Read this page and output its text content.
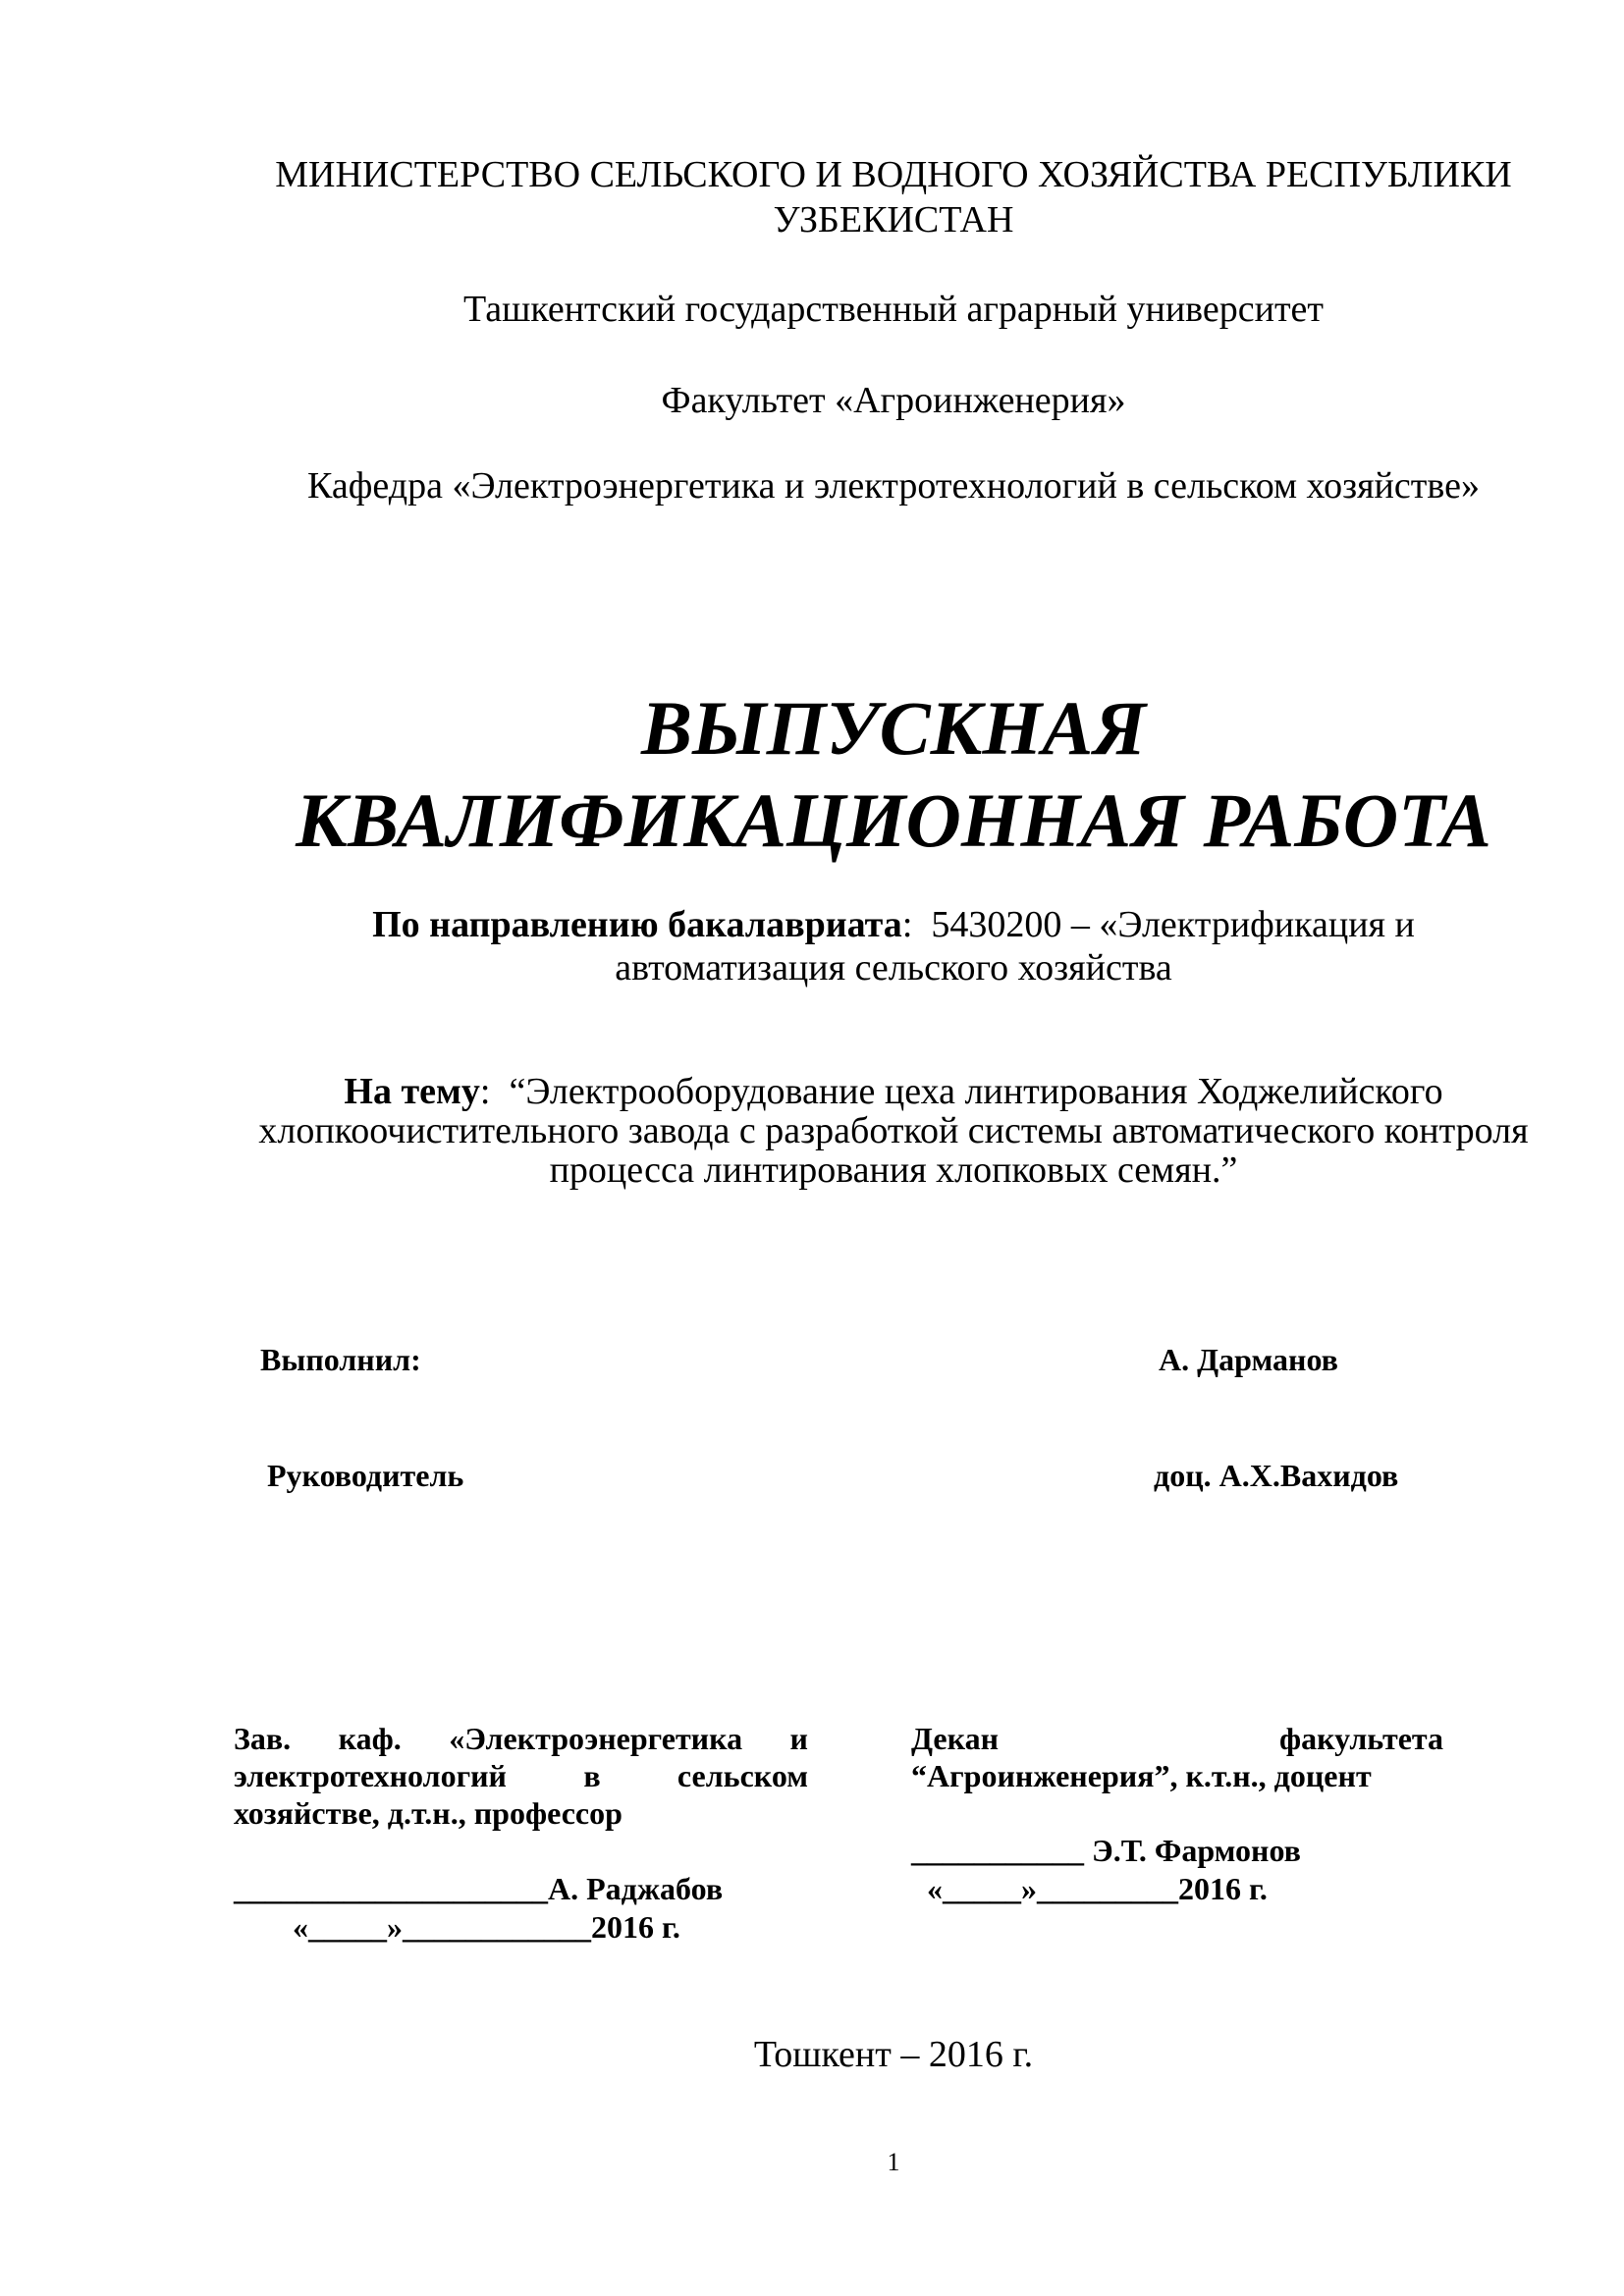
МИНИСТЕРСТВО СЕЛЬСКОГО И ВОДНОГО ХОЗЯЙСТВА РЕСПУБЛИКИ
УЗБЕКИСТАН
Ташкентский государственный аграрный университет
Факультет «Агроинженерия»
Кафедра «Электроэнергетика и электротехнологий в сельском хозяйстве»
ВЫПУСКНАЯ
КВАЛИФИКАЦИОННАЯ РАБОТА
По направлению бакалавриата:  5430200 – «Электрификация и
автоматизация сельского хозяйства
На тему:  “Электрооборудование цеха линтирования Ходжелийского
хлопкоочистительного завода с разработкой системы автоматического контроля
процесса линтирования хлопковых семян.”
Выполнил:	А. Дарманов
Руководитель	доц. А.Х.Вахидов
Зав. каф. «Электроэнергетика и
электротехнологий в сельском
хозяйстве, д.т.н., профессор
____________________А. Раджабов
«_____»____________2016 г.
Декан	факультета
“Агроинженерия”, к.т.н., доцент
___________ Э.Т. Фармонов
«_____»_________2016 г.
Тошкент – 2016 г.
1
